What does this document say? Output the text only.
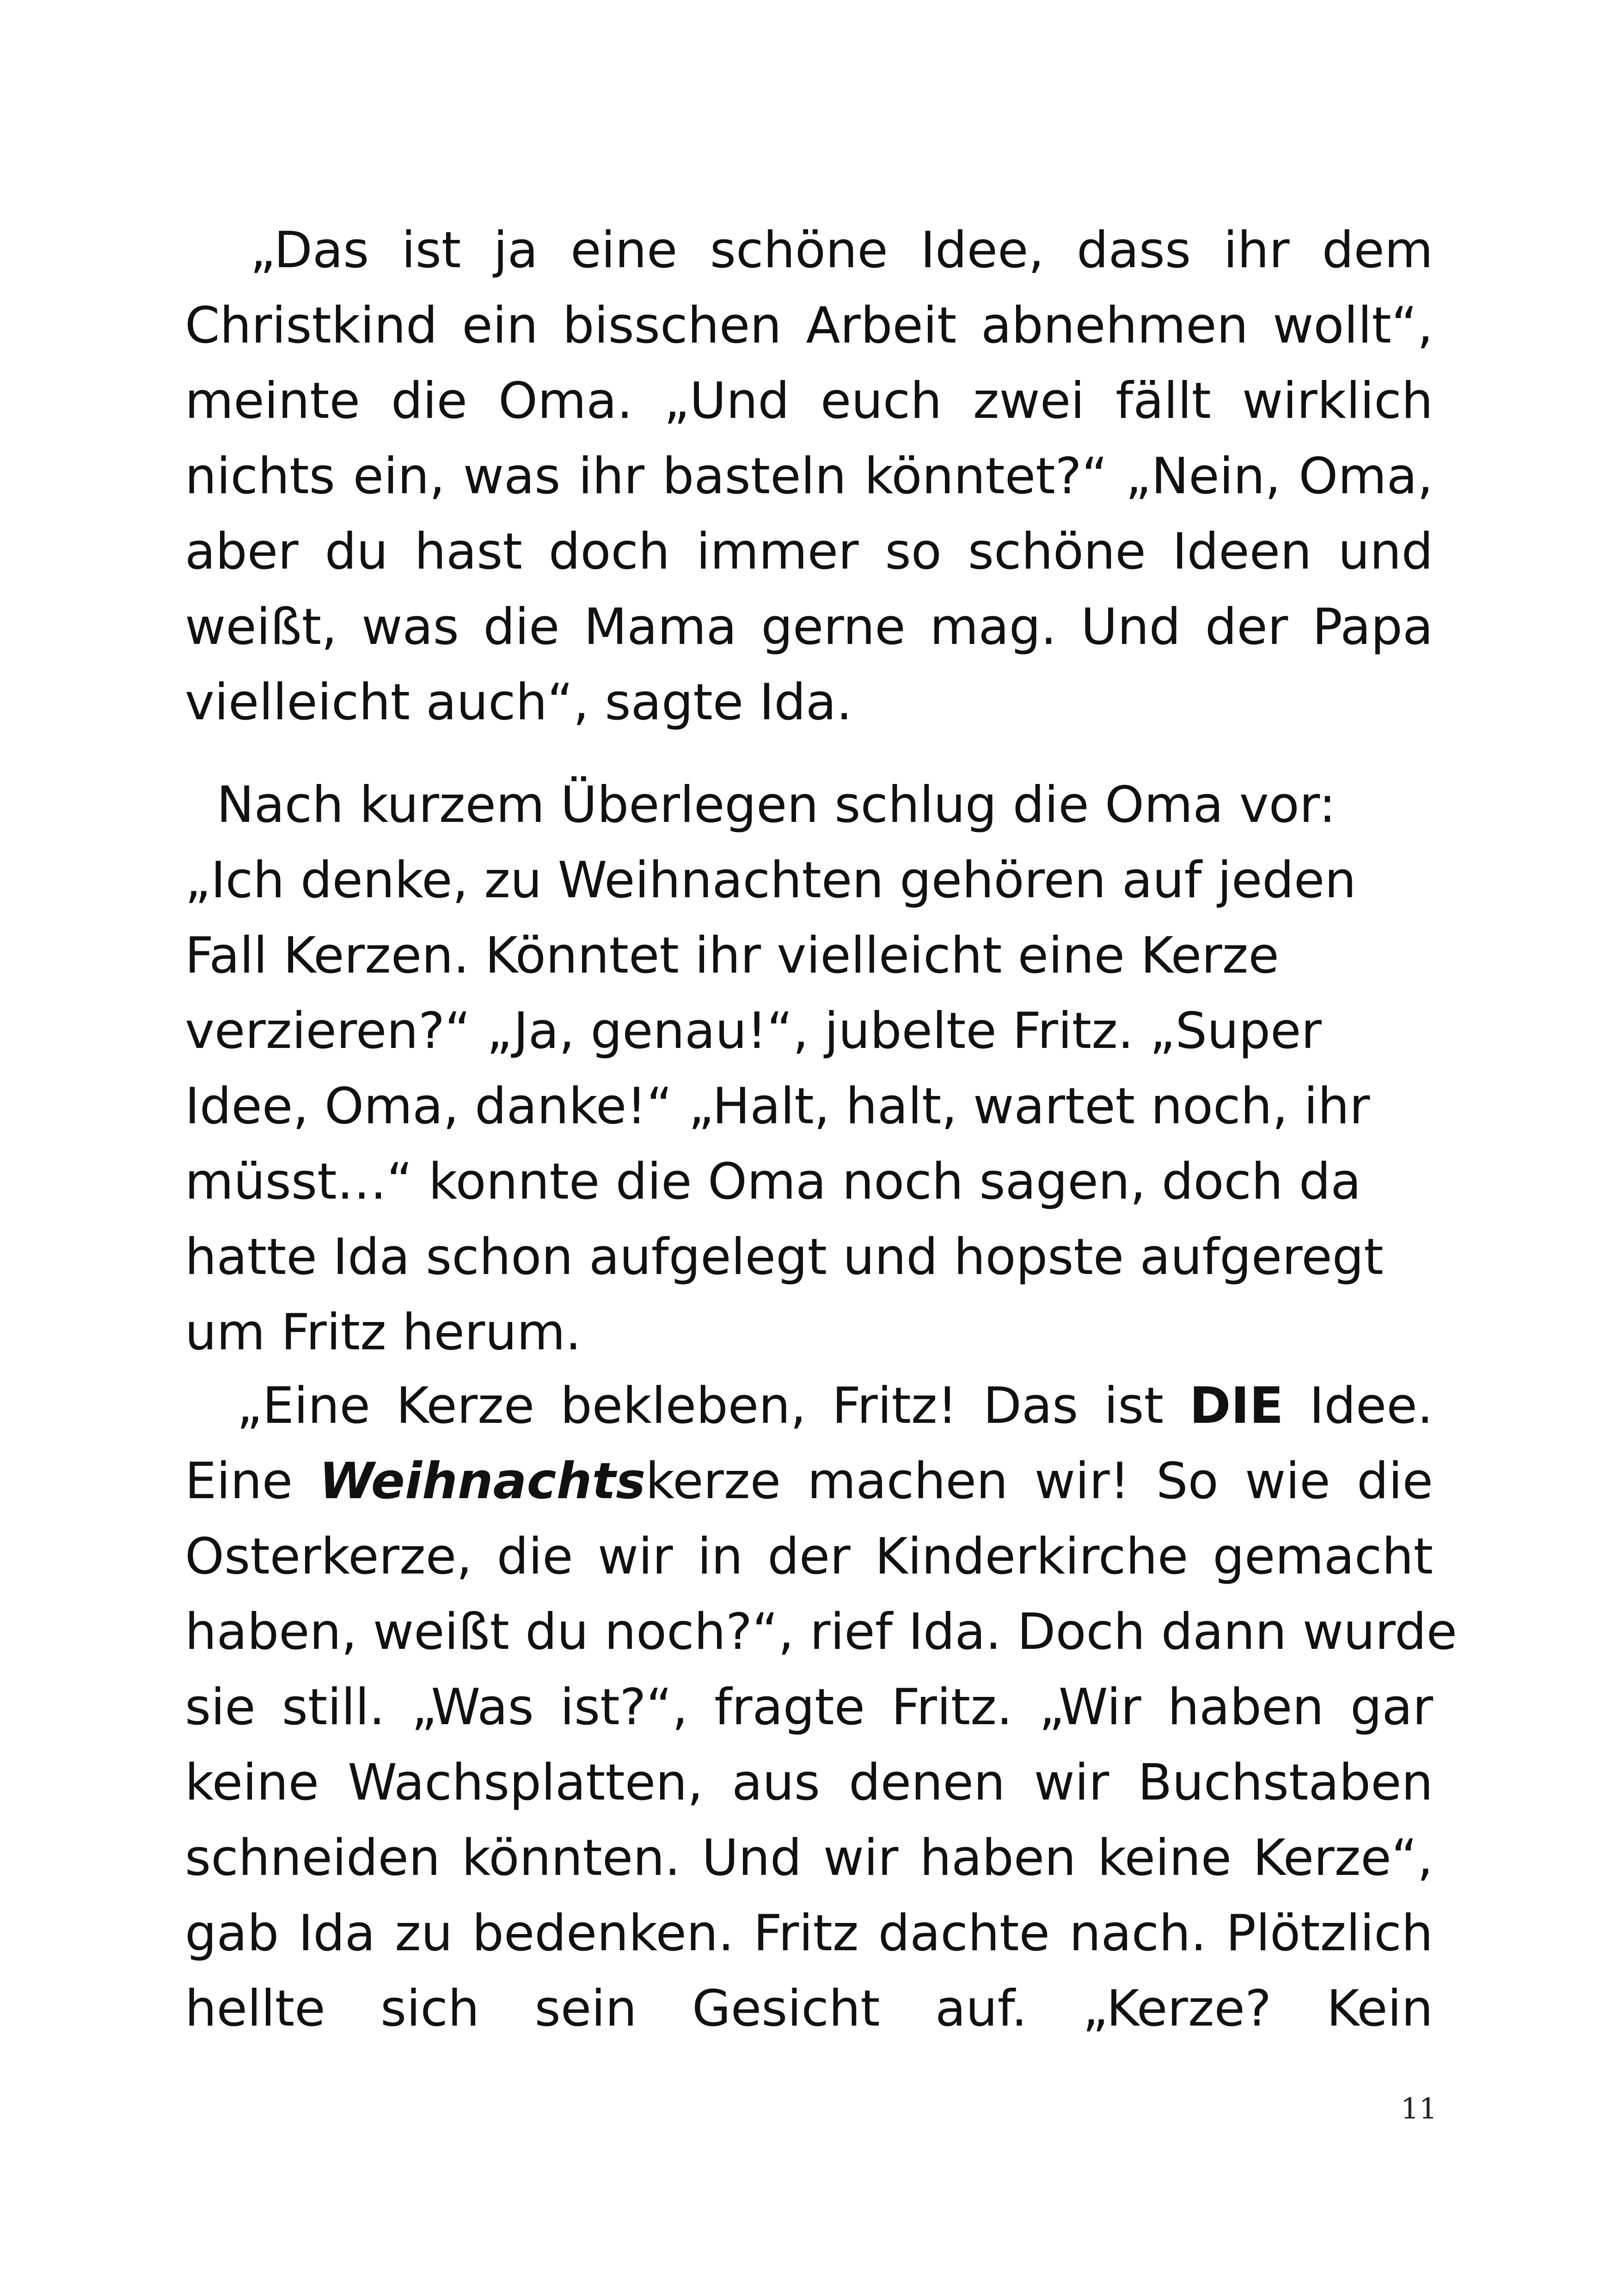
„Das ist ja eine schöne Idee, dass ihr dem
Christkind ein bisschen Arbeit abnehmen wollt“,
meinte die Oma. „Und euch zwei fällt wirklich
nichts ein, was ihr basteln könntet?“ „Nein, Oma,
aber du hast doch immer so schöne Ideen und
weißt, was die Mama gerne mag. Und der Papa
vielleicht auch“, sagte Ida.
Nach kurzem Überlegen schlug die Oma vor:
„Ich denke, zu Weihnachten gehören auf jeden
Fall Kerzen. Könntet ihr vielleicht eine Kerze
verzieren?“ „Ja, genau!“, jubelte Fritz. „Super
Idee, Oma, danke!“ „Halt, halt, wartet noch, ihr
müsst…“ konnte die Oma noch sagen, doch da
hatte Ida schon aufgelegt und hopste aufgeregt
um Fritz herum.
„Eine Kerze bekleben, Fritz! Das ist DIE Idee.
Eine Weihnachtskerze machen wir! So wie die
Osterkerze, die wir in der Kinderkirche gemacht
haben, weißt du noch?“, rief Ida. Doch dann wurde
sie still. „Was ist?“, fragte Fritz. „Wir haben gar
keine Wachsplatten, aus denen wir Buchstaben
schneiden könnten. Und wir haben keine Kerze“,
gab Ida zu bedenken. Fritz dachte nach. Plötzlich
hellte sich sein Gesicht auf. „Kerze? Kein
11
